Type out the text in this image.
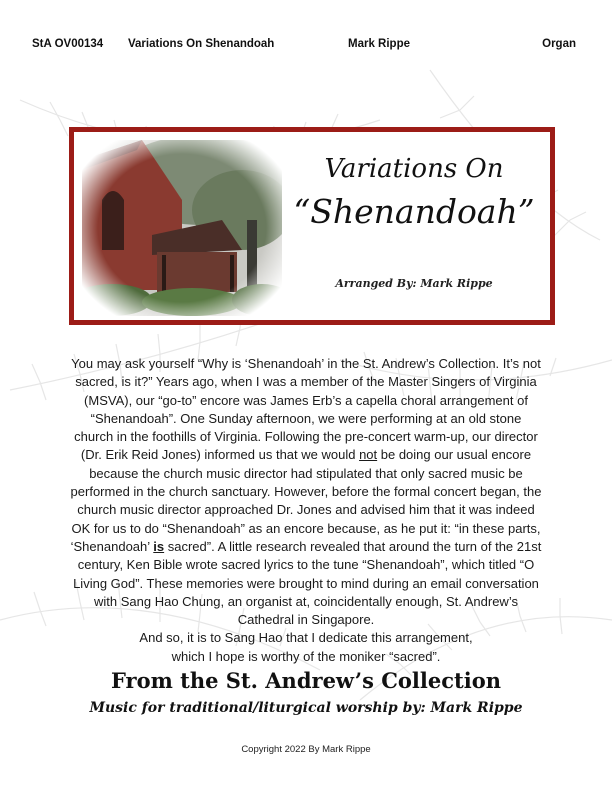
StA OV00134 Variations On Shenandoah	Mark Rippe	Organ
Variations On
“Shenandoah”
Arranged By: Mark Rippe
You may ask yourself “Why is ‘Shenandoah’ in the St. Andrew’s Collection. It’s not sacred, is it?” Years ago, when I was a member of the Master Singers of Virginia (MSVA), our “go-to” encore was James Erb’s a capella choral arrangement of “Shenandoah”. One Sunday afternoon, we were performing at an old stone church in the foothills of Virginia. Following the pre-concert warm-up, our director (Dr. Erik Reid Jones) informed us that we would not be doing our usual encore because the church music director had stipulated that only sacred music be performed in the church sanctuary. However, before the formal concert began, the church music director approached Dr. Jones and advised him that it was indeed OK for us to do “Shenandoah” as an encore because, as he put it: “in these parts, ‘Shenandoah’ is sacred”. A little research revealed that around the turn of the 21st century, Ken Bible wrote sacred lyrics to the tune “Shenandoah”, which titled “O Living God”. These memories were brought to mind during an email conversation with Sang Hao Chung, an organist at, coincidentally enough, St. Andrew’s Cathedral in Singapore.
And so, it is to Sang Hao that I dedicate this arrangement,
which I hope is worthy of the moniker “sacred”.
From the St. Andrew’s Collection
Music for traditional/liturgical worship by: Mark Rippe
Copyright 2022 By Mark Rippe
